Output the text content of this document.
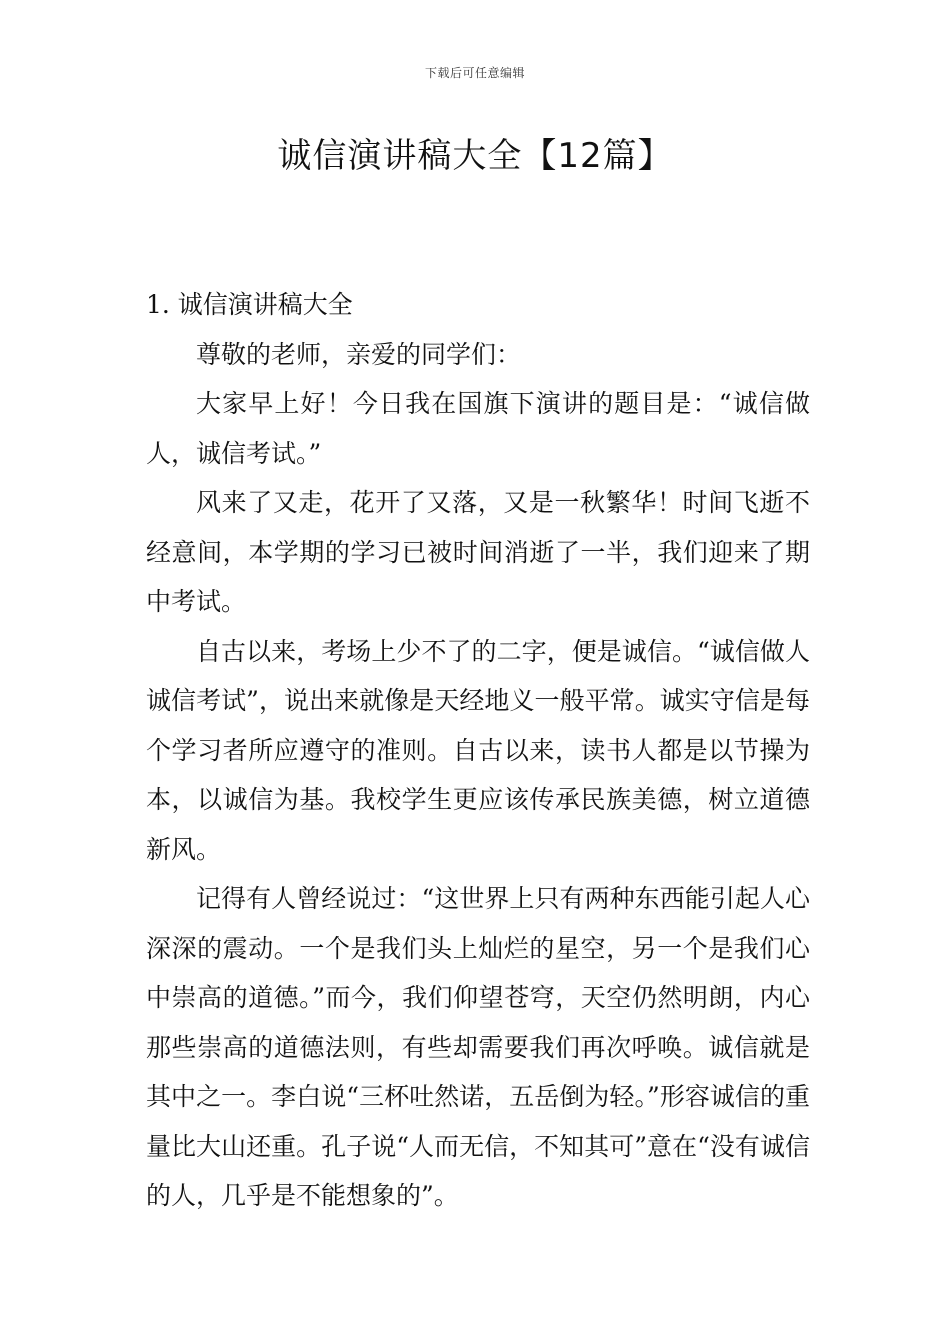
下载后可任意编辑
诚信演讲稿大全【12篇】

1. 诚信演讲稿大全

尊敬的老师，亲爱的同学们：

大家早上好！今日我在国旗下演讲的题目是：“诚信做人，诚信考试。”

风来了又走，花开了又落，又是一秋繁华！时间飞逝不经意间，本学期的学习已被时间消逝了一半，我们迎来了期中考试。

自古以来，考场上少不了的二字，便是诚信。“诚信做人诚信考试”，说出来就像是天经地义一般平常。诚实守信是每个学习者所应遵守的准则。自古以来，读书人都是以节操为本，以诚信为基。我校学生更应该传承民族美德，树立道德新风。

记得有人曾经说过：“这世界上只有两种东西能引起人心深深的震动。一个是我们头上灿烂的星空，另一个是我们心中崇高的道德。”而今，我们仰望苍穹，天空仍然明朗，内心那些崇高的道德法则，有些却需要我们再次呼唤。诚信就是其中之一。李白说“三杯吐然诺，五岳倒为轻。”形容诚信的重量比大山还重。孔子说“人而无信，不知其可”意在“没有诚信的人，几乎是不能想象的”。
